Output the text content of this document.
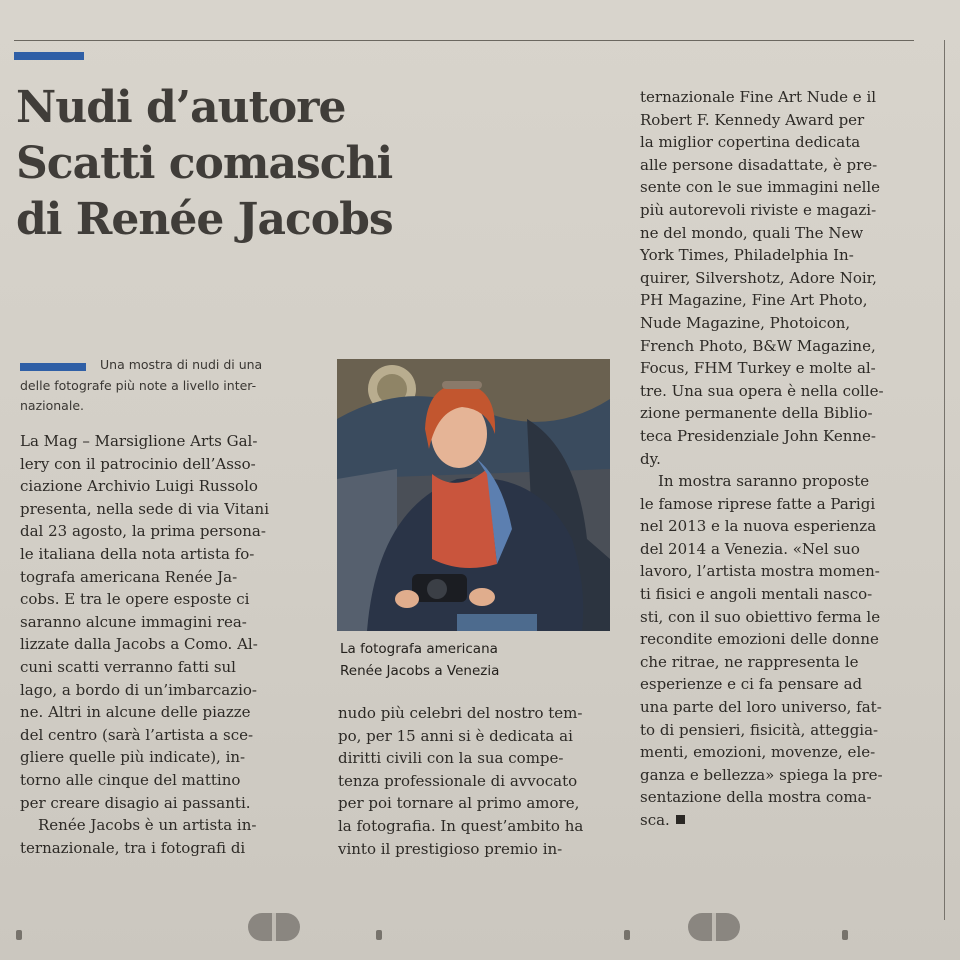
Nudi d’autore
Scatti comaschi
di Renée Jacobs

Una mostra di nudi di una

delle fotografe più note a livello inter-

nazionale.

La Mag – Marsiglione Arts Gal-

lery con il patrocinio dell’Asso-

ciazione Archivio Luigi Russolo

presenta, nella sede di via Vitani

dal 23 agosto, la prima persona-

le italiana della nota artista fo-

tografa americana Renée Ja-

cobs. E tra le opere esposte ci

saranno alcune immagini rea-

lizzate dalla Jacobs a Como. Al-

cuni scatti verranno fatti sul

lago, a bordo di un’imbarcazio-

ne. Altri in alcune delle piazze

del centro (sarà l’artista a sce-

gliere quelle più indicate), in-

torno alle cinque del mattino

per creare disagio ai passanti.

Renée Jacobs è un artista in-

ternazionale, tra i fotografi di

La fotografa americana

Renée Jacobs a Venezia

nudo più celebri del nostro tem-

po, per 15 anni si è dedicata ai

diritti civili con la sua compe-

tenza professionale di avvocato

per poi tornare al primo amore,

la fotografia. In quest’ambito ha

vinto il prestigioso premio in-

ternazionale Fine Art Nude e il

Robert F. Kennedy Award per

la miglior copertina dedicata

alle persone disadattate, è pre-

sente con le sue immagini nelle

più autorevoli riviste e magazi-

ne del mondo, quali The New

York Times, Philadelphia In-

quirer, Silvershotz, Adore Noir,

PH Magazine, Fine Art Photo,

Nude Magazine, Photoicon,

French Photo, B&W Magazine,

Focus, FHM Turkey e molte al-

tre. Una sua opera è nella colle-

zione permanente della Biblio-

teca Presidenziale John Kenne-

dy.

In mostra saranno proposte

le famose riprese fatte a Parigi

nel 2013 e la nuova esperienza

del 2014 a Venezia. «Nel suo

lavoro, l’artista mostra momen-

ti fisici e angoli mentali nasco-

sti, con il suo obiettivo ferma le

recondite emozioni delle donne

che ritrae, ne rappresenta le

esperienze e ci fa pensare ad

una parte del loro universo, fat-

to di pensieri, fisicità, atteggia-

menti, emozioni, movenze, ele-

ganza e bellezza» spiega la pre-

sentazione della mostra coma-

sca.
